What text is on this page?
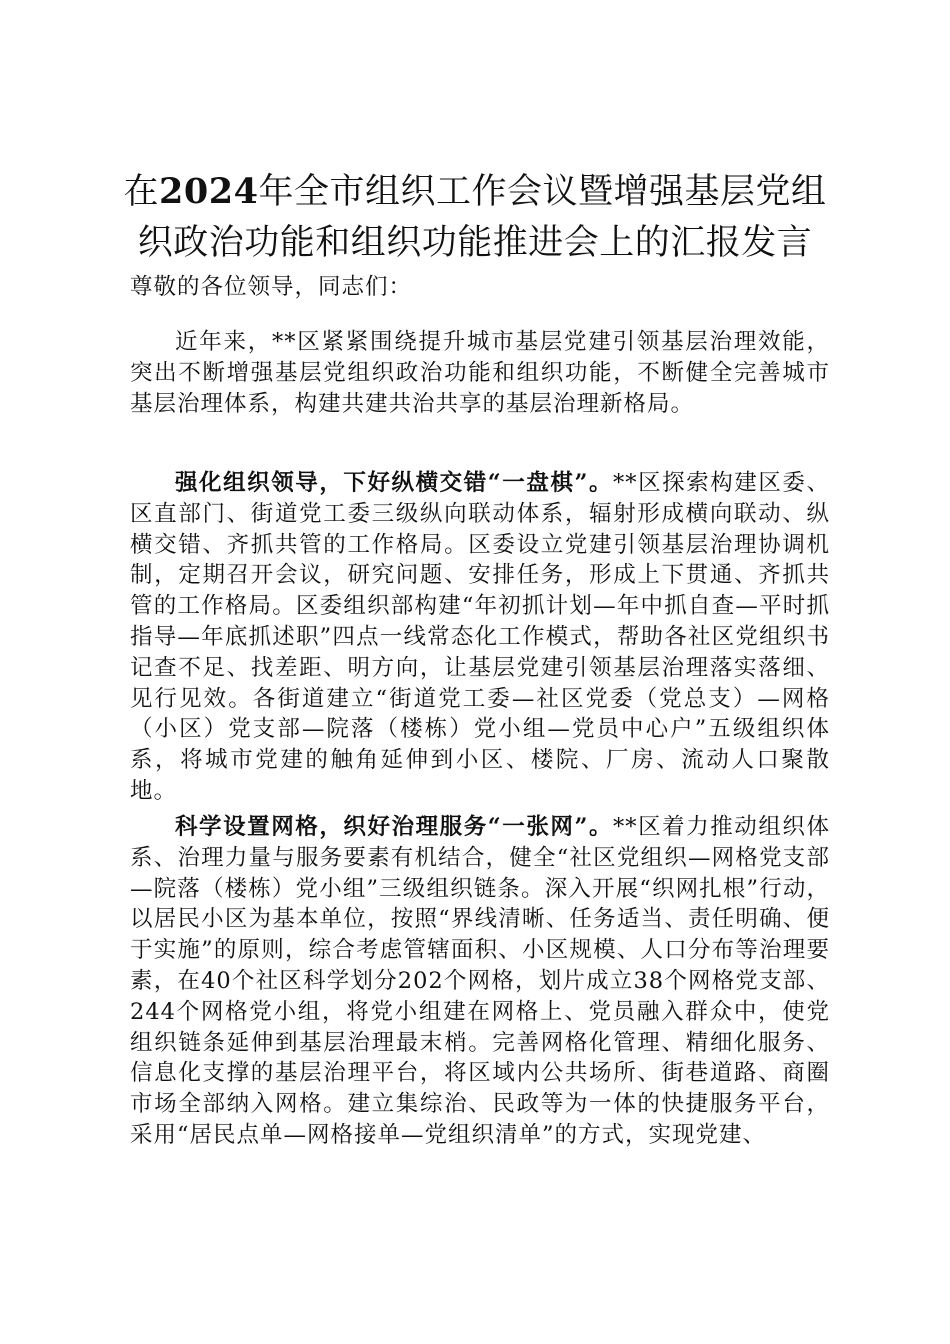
在2024年全市组织工作会议暨增强基层党组织政治功能和组织功能推进会上的汇报发言

尊敬的各位领导，同志们：

近年来，**区紧紧围绕提升城市基层党建引领基层治理效能，突出不断增强基层党组织政治功能和组织功能，不断健全完善城市基层治理体系，构建共建共治共享的基层治理新格局。

强化组织领导，下好纵横交错“一盘棋”。**区探索构建区委、区直部门、街道党工委三级纵向联动体系，辐射形成横向联动、纵横交错、齐抓共管的工作格局。区委设立党建引领基层治理协调机制，定期召开会议，研究问题、安排任务，形成上下贯通、齐抓共管的工作格局。区委组织部构建“年初抓计划—年中抓自查—平时抓指导—年底抓述职”四点一线常态化工作模式，帮助各社区党组织书记查不足、找差距、明方向，让基层党建引领基层治理落实落细、见行见效。各街道建立“街道党工委—社区党委（党总支）—网格（小区）党支部—院落（楼栋）党小组—党员中心户”五级组织体系，将城市党建的触角延伸到小区、楼院、厂房、流动人口聚散地。

科学设置网格，织好治理服务“一张网”。**区着力推动组织体系、治理力量与服务要素有机结合，健全“社区党组织—网格党支部—院落（楼栋）党小组”三级组织链条。深入开展“织网扎根”行动，以居民小区为基本单位，按照“界线清晰、任务适当、责任明确、便于实施”的原则，综合考虑管辖面积、小区规模、人口分布等治理要素，在40个社区科学划分202个网格，划片成立38个网格党支部、244个网格党小组，将党小组建在网格上、党员融入群众中，使党组织链条延伸到基层治理最末梢。完善网格化管理、精细化服务、信息化支撑的基层治理平台，将区域内公共场所、街巷道路、商圈市场全部纳入网格。建立集综治、民政等为一体的快捷服务平台，采用“居民点单—网格接单—党组织清单”的方式，实现党建、
